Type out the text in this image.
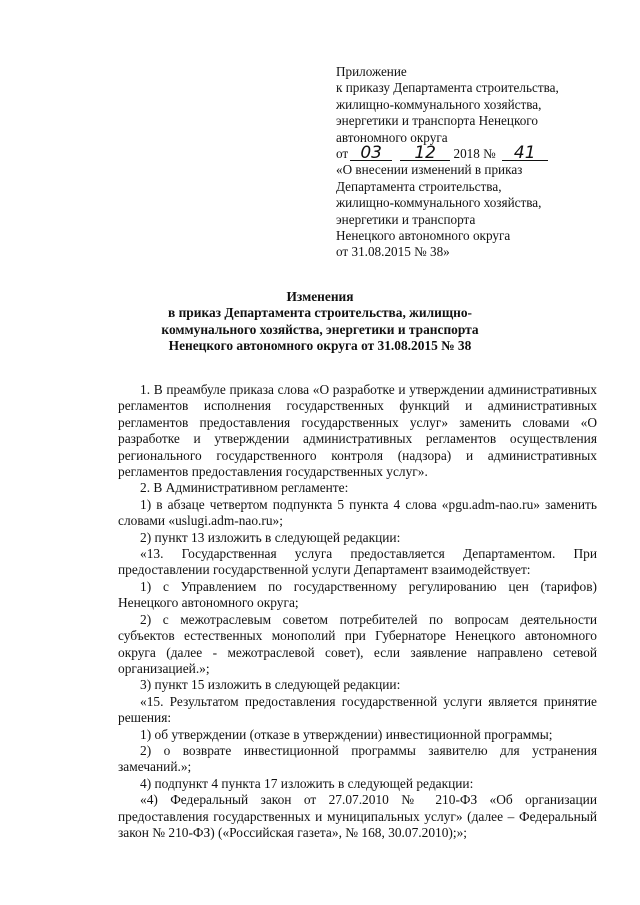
Приложение
к приказу Департамента строительства,
жилищно-коммунального хозяйства,
энергетики и транспорта Ненецкого
автономного округа
от 03 12 2018 № 41
«О внесении изменений в приказ
Департамента строительства,
жилищно-коммунального хозяйства,
энергетики и транспорта
Ненецкого автономного округа
от 31.08.2015 № 38»
Изменения
в приказ Департамента строительства, жилищно-
коммунального хозяйства, энергетики и транспорта
Ненецкого автономного округа от 31.08.2015 № 38
1. В преамбуле приказа слова «О разработке и утверждении административных регламентов исполнения государственных функций и административных регламентов предоставления государственных услуг» заменить словами «О разработке и утверждении административных регламентов осуществления регионального государственного контроля (надзора) и административных регламентов предоставления государственных услуг».
2. В Административном регламенте:
1) в абзаце четвертом подпункта 5 пункта 4 слова «pgu.adm-nao.ru» заменить словами «uslugi.adm-nao.ru»;
2) пункт 13 изложить в следующей редакции:
«13. Государственная услуга предоставляется Департаментом. При предоставлении государственной услуги Департамент взаимодействует:
1) с Управлением по государственному регулированию цен (тарифов) Ненецкого автономного округа;
2) с межотраслевым советом потребителей по вопросам деятельности субъектов естественных монополий при Губернаторе Ненецкого автономного округа (далее - межотраслевой совет), если заявление направлено сетевой организацией.»;
3) пункт 15 изложить в следующей редакции:
«15. Результатом предоставления государственной услуги является принятие решения:
1) об утверждении (отказе в утверждении) инвестиционной программы;
2) о возврате инвестиционной программы заявителю для устранения замечаний.»;
4) подпункт 4 пункта 17 изложить в следующей редакции:
«4) Федеральный закон от 27.07.2010 № 210-ФЗ «Об организации предоставления государственных и муниципальных услуг» (далее – Федеральный закон № 210-ФЗ) («Российская газета», № 168, 30.07.2010);»;
